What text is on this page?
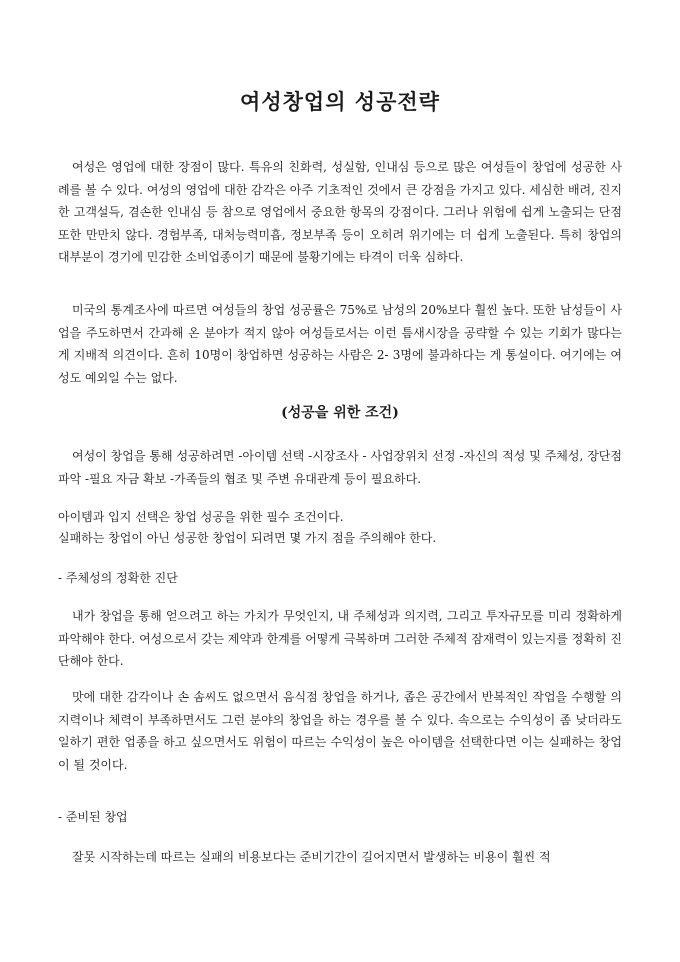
여성창업의 성공전략

여성은 영업에 대한 장점이 많다. 특유의 친화력, 성실함, 인내심 등으로 많은 여성들이 창업에 성공한 사례를 볼 수 있다. 여성의 영업에 대한 감각은 아주 기초적인 것에서 큰 강점을 가지고 있다. 세심한 배려, 진지한 고객설득, 겸손한 인내심 등 참으로 영업에서 중요한 항목의 강점이다. 그러나 위험에 쉽게 노출되는 단점 또한 만만치 않다. 경험부족, 대처능력미흡, 정보부족 등이 오히려 위기에는 더 쉽게 노출된다. 특히 창업의 대부분이 경기에 민감한 소비업종이기 때문에 불황기에는 타격이 더욱 심하다.

미국의 통계조사에 따르면 여성들의 창업 성공률은 75%로 남성의 20%보다 훨씬 높다. 또한 남성들이 사업을 주도하면서 간과해 온 분야가 적지 않아 여성들로서는 이런 틈새시장을 공략할 수 있는 기회가 많다는 게 지배적 의견이다. 흔히 10명이 창업하면 성공하는 사람은 2- 3명에 불과하다는 게 통설이다. 여기에는 여성도 예외일 수는 없다.

(성공을 위한 조건)

여성이 창업을 통해 성공하려면 -아이템 선택 -시장조사 - 사업장위치 선정 -자신의 적성 및 주체성, 장단점 파악 -필요 자금 확보 -가족들의 협조 및 주변 유대관계 등이 필요하다.

아이템과 입지 선택은 창업 성공을 위한 필수 조건이다.

실패하는 창업이 아닌 성공한 창업이 되려면 몇 가지 점을 주의해야 한다.

- 주체성의 정확한 진단

내가 창업을 통해 얻으려고 하는 가치가 무엇인지, 내 주체성과 의지력, 그리고 투자규모를 미리 정확하게 파악해야 한다. 여성으로서 갖는 제약과 한계를 어떻게 극복하며 그러한 주체적 잠재력이 있는지를 정확히 진단해야 한다.

맛에 대한 감각이나 손 솜씨도 없으면서 음식점 창업을 하거나, 좁은 공간에서 반복적인 작업을 수행할 의지력이나 체력이 부족하면서도 그런 분야의 창업을 하는 경우를 볼 수 있다. 속으로는 수익성이 좀 낮더라도 일하기 편한 업종을 하고 싶으면서도 위험이 따르는 수익성이 높은 아이템을 선택한다면 이는 실패하는 창업이 될 것이다.

- 준비된 창업

잘못 시작하는데 따르는 실패의 비용보다는 준비기간이 길어지면서 발생하는 비용이 훨씬 적
